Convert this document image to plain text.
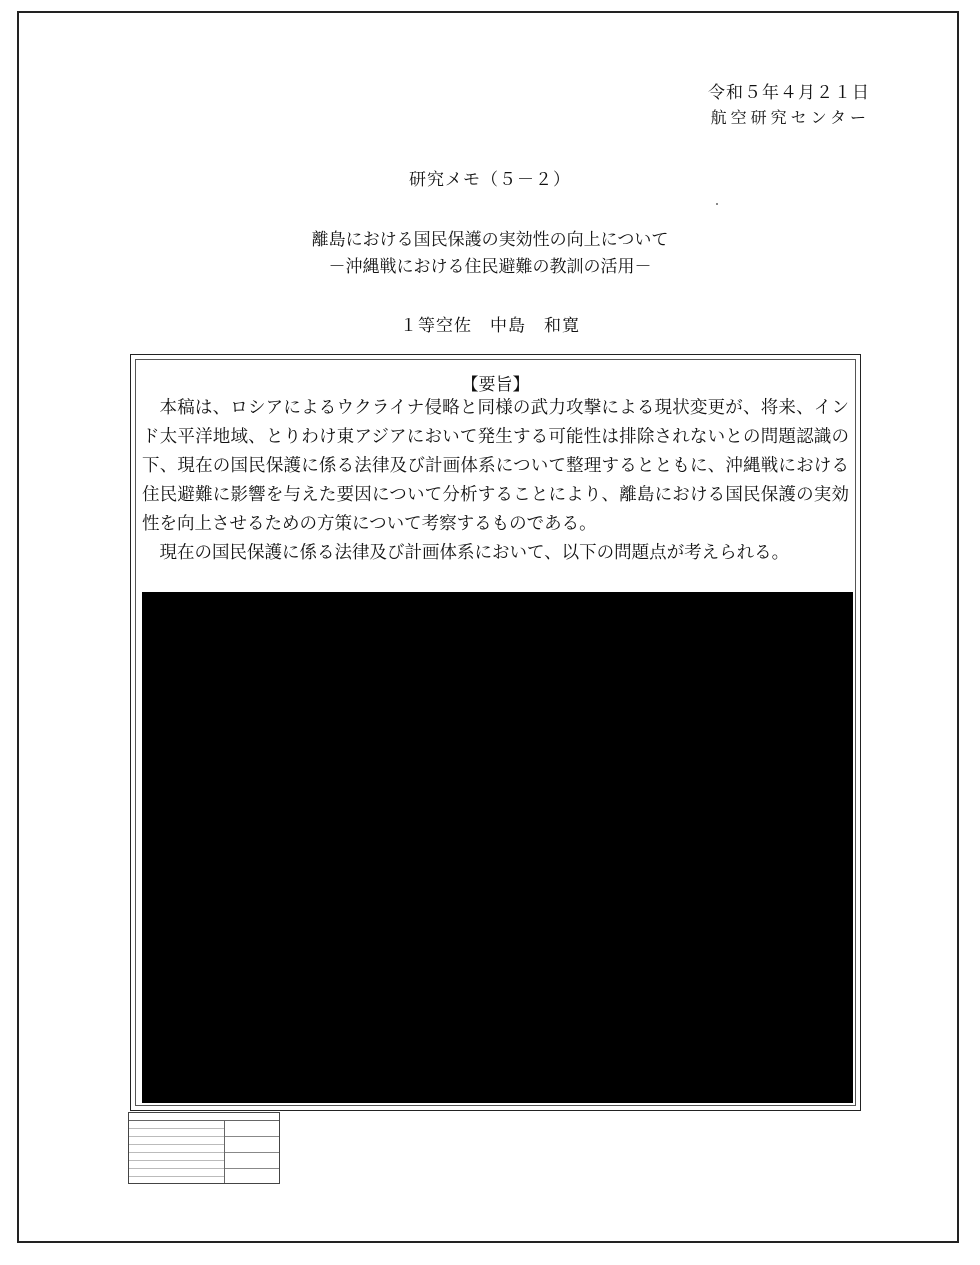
令和５年４月２１日
航空研究センター
研究メモ（５－２）
離島における国民保護の実効性の向上について
－沖縄戦における住民避難の教訓の活用－
１等空佐　中島　和寛
【要旨】

本稿は、ロシアによるウクライナ侵略と同様の武力攻撃による現状変更が、将来、インド太平洋地域、とりわけ東アジアにおいて発生する可能性は排除されないとの問題認識の下、現在の国民保護に係る法律及び計画体系について整理するとともに、沖縄戦における住民避難に影響を与えた要因について分析することにより、離島における国民保護の実効性を向上させるための方策について考察するものである。

現在の国民保護に係る法律及び計画体系において、以下の問題点が考えられる。
